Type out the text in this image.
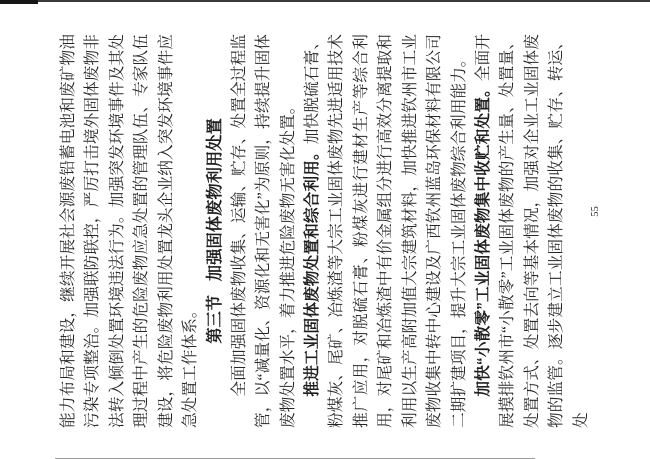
能力布局和建设，继续开展社会源废铅蓄电池和废矿物油污染专项整治。加强联防联控，严厉打击境外固体废物非法转入倾倒处置环境违法行为。加强突发环境事件及其处理过程中产生的危险废物应急处置的管理队伍、专家队伍建设，将危险废物利用处置龙头企业纳入突发环境事件应急处置工作体系。 第三节加强固体废物利用处置 全面加强固体废物收集、运输、贮存、处置全过程监管，以“减量化、资源化和无害化”为原则，持续提升固体废物处置水平，着力推进危险废物无害化处置。 推进工业固体废物处置和综合利用。加快脱硫石膏、粉煤灰、尾矿、冶炼渣等大宗工业固体废物先进适用技术推广应用，对脱硫石膏、粉煤灰进行建材生产等综合利用，对尾矿和冶炼渣中有价金属组分进行高效分离提取和利用以生产高附加值大宗建筑材料，加快推进钦州市工业废物收集中转中心建设及广西钦州蓝岛环保材料有限公司二期扩建项目，提升大宗工业固体废物综合利用能力。 加快“小散零”工业固体废物集中收贮和处置。全面开展摸排钦州市“小散零”工业固体废物的产生量、处置量、处置方式、处置去向等基本情况，加强对企业工业固体废物的监管。逐步建立工业固体废物的收集、贮存、转运、处

55
